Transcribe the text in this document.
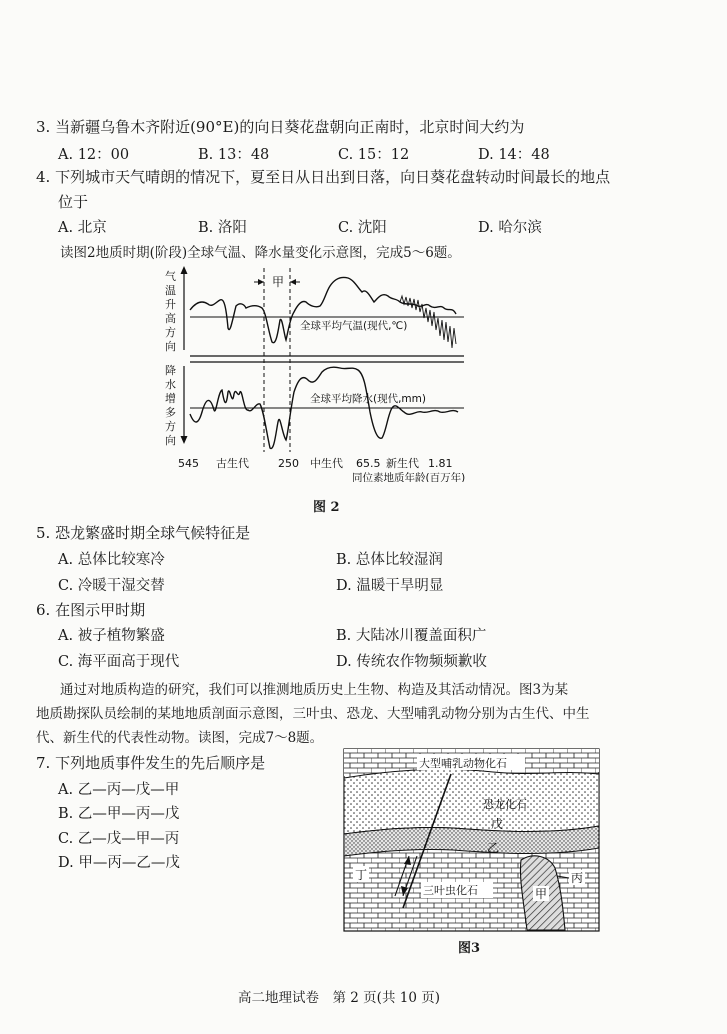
3. 当新疆乌鲁木齐附近(90°E)的向日葵花盘朝向正南时，北京时间大约为
A. 12：00	B. 13：48	C. 15：12	D. 14：48
4. 下列城市天气晴朗的情况下，夏至日从日出到日落，向日葵花盘转动时间最长的地点
位于
A. 北京	B. 洛阳	C. 沈阳	D. 哈尔滨
读图2地质时期(阶段)全球气温、降水量变化示意图，完成5～6题。
气
温
升
高
方
向
降
水
增
多
方
向
甲
全球平均气温(现代,℃)
全球平均降水(现代,mm)
545 古生代	250 中生代 65.5 新生代 1.81
同位素地质年龄(百万年)
图 2
5. 恐龙繁盛时期全球气候特征是
A. 总体比较寒冷	B. 总体比较湿润
C. 冷暖干湿交替	D. 温暖干旱明显
6. 在图示甲时期
A. 被子植物繁盛	B. 大陆冰川覆盖面积广
C. 海平面高于现代	D. 传统农作物频频歉收
通过对地质构造的研究，我们可以推测地质历史上生物、构造及其活动情况。图3为某
地质勘探队员绘制的某地地质剖面示意图，三叶虫、恐龙、大型哺乳动物分别为古生代、中生
代、新生代的代表性动物。读图，完成7～8题。
7. 下列地质事件发生的先后顺序是
A. 乙—丙—戊—甲
B. 乙—甲—丙—戊
C. 乙—戊—甲—丙
D. 甲—丙—乙—戊
大型哺乳动物化石
恐龙化石
戊
乙
丁
三叶虫化石	甲
丙
图3
高二地理试卷　第 2 页(共 10 页)
